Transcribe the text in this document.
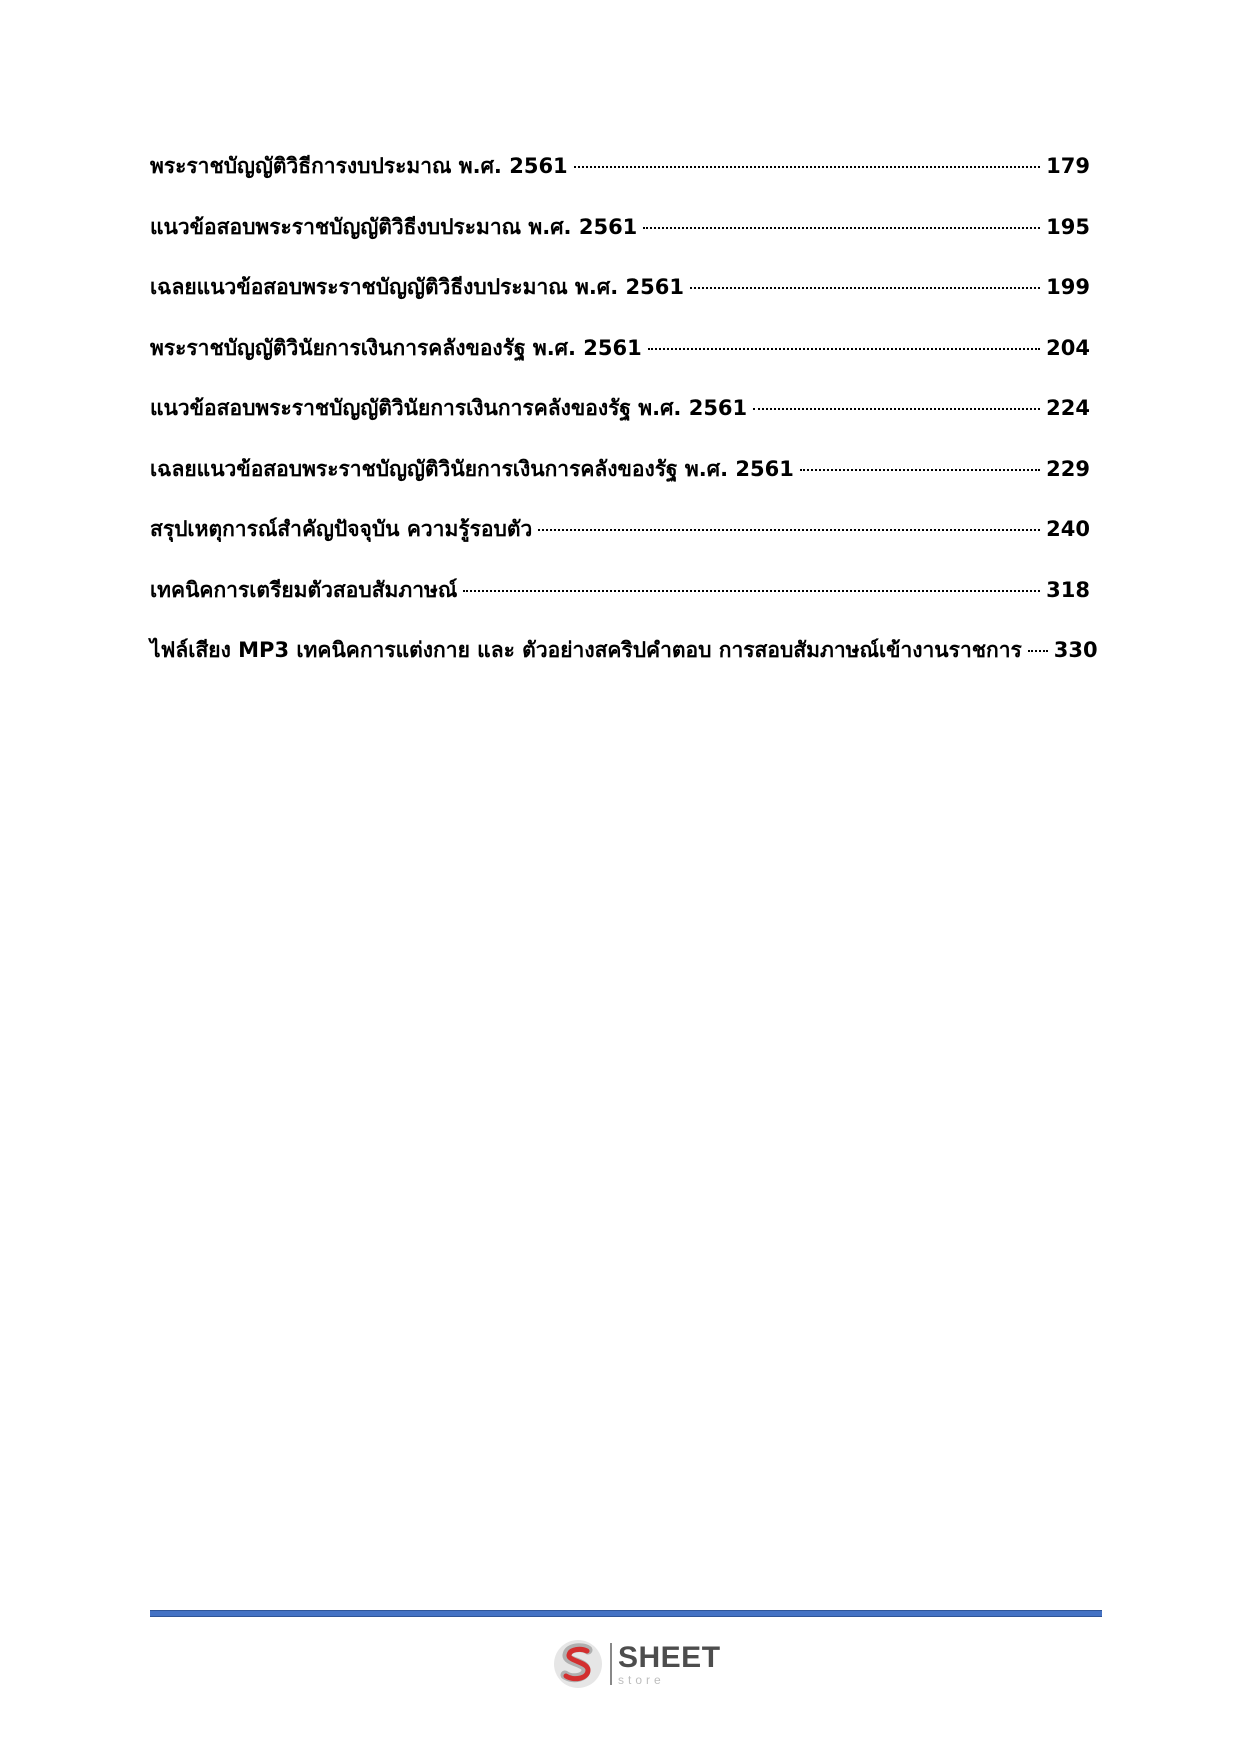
พระราชบัญญัติวิธีการงบประมาณ พ.ศ. 2561	179
แนวข้อสอบพระราชบัญญัติวิธีงบประมาณ พ.ศ. 2561	195
เฉลยแนวข้อสอบพระราชบัญญัติวิธีงบประมาณ พ.ศ. 2561	199
พระราชบัญญัติวินัยการเงินการคลังของรัฐ พ.ศ. 2561	204
แนวข้อสอบพระราชบัญญัติวินัยการเงินการคลังของรัฐ พ.ศ. 2561	224
เฉลยแนวข้อสอบพระราชบัญญัติวินัยการเงินการคลังของรัฐ พ.ศ. 2561	229
สรุปเหตุการณ์สำคัญปัจจุบัน ความรู้รอบตัว	240
เทคนิคการเตรียมตัวสอบสัมภาษณ์	318
ไฟล์เสียง MP3 เทคนิคการแต่งกาย และ ตัวอย่างสคริปคำตอบ การสอบสัมภาษณ์เข้างานราชการ 330
SHEET
store
